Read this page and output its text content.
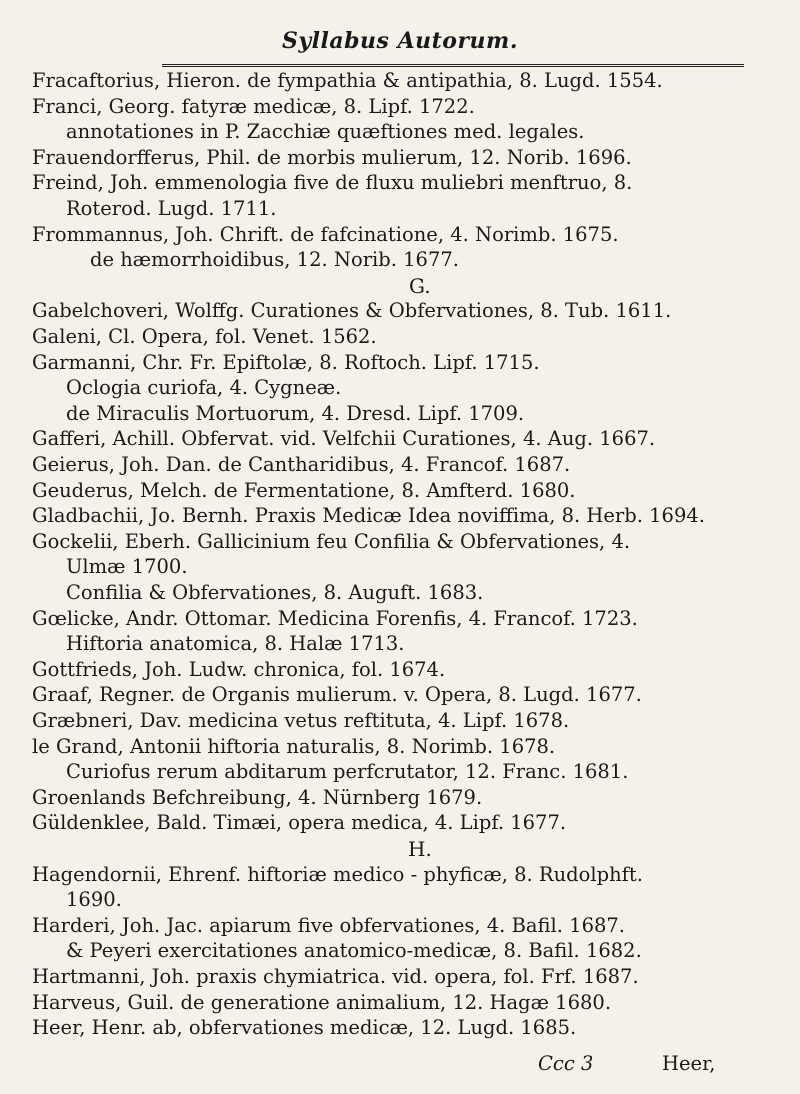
Syllabus Autorum.
Fracaftorius, Hieron. de fympathia & antipathia, 8. Lugd. 1554.
Franci, Georg. fatyræ medicæ, 8. Lipf. 1722.
annotationes in P. Zacchiæ quæftiones med. legales.
Frauendorfferus, Phil. de morbis mulierum, 12. Norib. 1696.
Freind, Joh. emmenologia five de fluxu muliebri menftruo, 8.
Roterod. Lugd. 1711.
Frommannus, Joh. Chrift. de fafcinatione, 4. Norimb. 1675.
de hæmorrhoidibus, 12. Norib. 1677.
G.
Gabelchoveri, Wolffg. Curationes & Obfervationes, 8. Tub. 1611.
Galeni, Cl. Opera, fol. Venet. 1562.
Garmanni, Chr. Fr. Epiftolæ, 8. Roftoch. Lipf. 1715.
Oclogia curiofa, 4. Cygneæ.
de Miraculis Mortuorum, 4. Dresd. Lipf. 1709.
Gafferi, Achill. Obfervat. vid. Velfchii Curationes, 4. Aug. 1667.
Geierus, Joh. Dan. de Cantharidibus, 4. Francof. 1687.
Geuderus, Melch. de Fermentatione, 8. Amfterd. 1680.
Gladbachii, Jo. Bernh. Praxis Medicæ Idea noviffima, 8. Herb. 1694.
Gockelii, Eberh. Gallicinium feu Confilia & Obfervationes, 4.
Ulmæ 1700.
Confilia & Obfervationes, 8. Auguft. 1683.
Gœlicke, Andr. Ottomar. Medicina Forenfis, 4. Francof. 1723.
Hiftoria anatomica, 8. Halæ 1713.
Gottfrieds, Joh. Ludw. chronica, fol. 1674.
Graaf, Regner. de Organis mulierum. v. Opera, 8. Lugd. 1677.
Græbneri, Dav. medicina vetus reftituta, 4. Lipf. 1678.
le Grand, Antonii hiftoria naturalis, 8. Norimb. 1678.
Curiofus rerum abditarum perfcrutator, 12. Franc. 1681.
Groenlands Befchreibung, 4. Nürnberg 1679.
Güldenklee, Bald. Timæi, opera medica, 4. Lipf. 1677.
H.
Hagendornii, Ehrenf. hiftoriæ medico - phyficæ, 8. Rudolphft.
1690.
Harderi, Joh. Jac. apiarum five obfervationes, 4. Bafil. 1687.
& Peyeri exercitationes anatomico-medicæ, 8. Bafil. 1682.
Hartmanni, Joh. praxis chymiatrica. vid. opera, fol. Frf. 1687.
Harveus, Guil. de generatione animalium, 12. Hagæ 1680.
Heer, Henr. ab, obfervationes medicæ, 12. Lugd. 1685.
Ccc 3	Heer,
